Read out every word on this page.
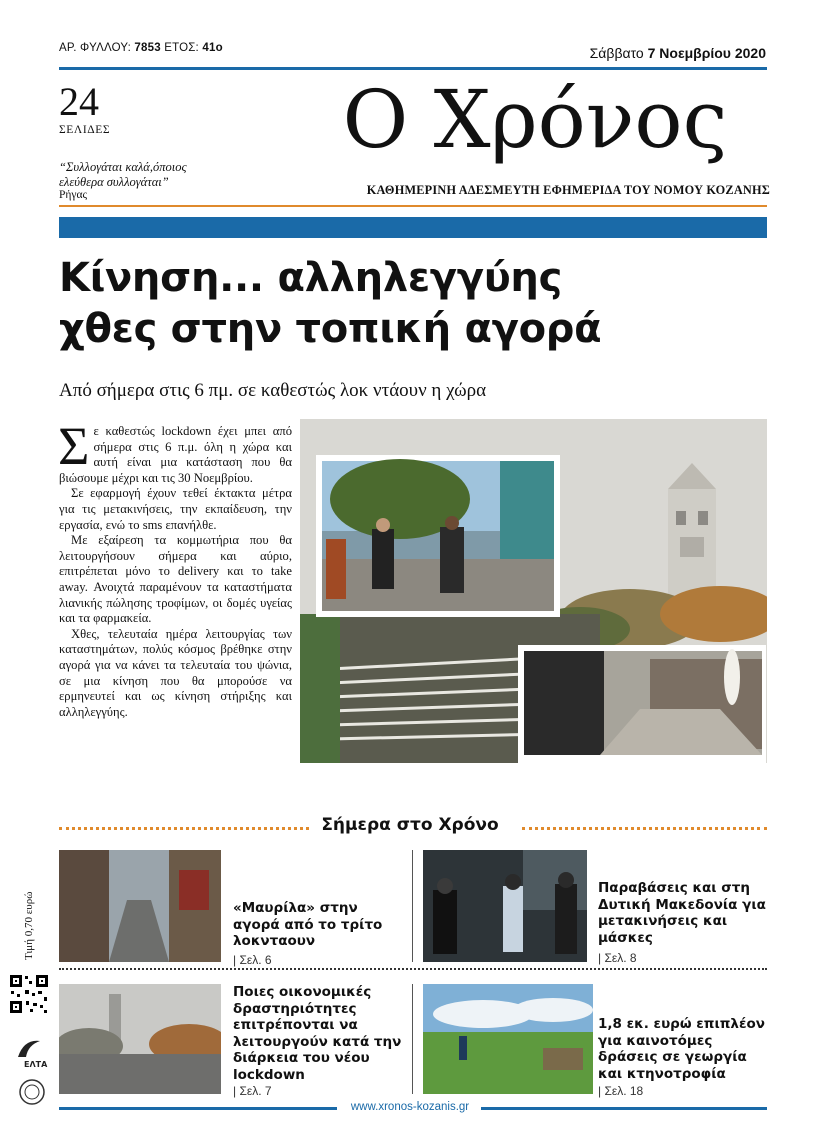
ΑΡ. ΦΥΛΛΟΥ: 7853 ΕΤΟΣ: 41ο	Σάββατο 7 Νοεμβρίου 2020
24
ΣΕΛΙΔΕΣ
“Συλλογάται καλά,όποιος
ελεύθερα συλλογάται”
Ρήγας
Ο Χρόνος
ΚΑΘΗΜΕΡΙΝΗ ΑΔΕΣΜΕΥΤΗ ΕΦΗΜΕΡΙΔΑ ΤΟΥ ΝΟΜΟΥ ΚΟΖΑΝΗΣ
Κίνηση... αλληλεγγύης
χθες στην τοπική αγορά
Από σήμερα στις 6 πμ. σε καθεστώς λοκ ντάουν η χώρα

Σε καθεστώς lockdown έχει μπει από σήμερα στις 6 π.μ. όλη η χώρα και αυτή είναι μια κατάσταση που θα βιώσουμε μέχρι και τις 30 Νοεμβρίου.

Σε εφαρμογή έχουν τεθεί έκτακτα μέτρα για τις μετακινήσεις, την εκπαίδευση, την εργασία, ενώ το sms επανήλθε.

Με εξαίρεση τα κομμωτήρια που θα λειτουργήσουν σήμερα και αύριο, επιτρέπεται μόνο το delivery και το take away. Ανοιχτά παραμένουν τα καταστήματα λιανικής πώλησης τροφίμων, οι δομές υγείας και τα φαρμακεία.

Χθες, τελευταία ημέρα λειτουργίας των καταστημάτων, πολύς κόσμος βρέθηκε στην αγορά για να κάνει τα τελευταία του ψώνια, σε μια κίνηση που θα μπορούσε να ερμηνευτεί και ως κίνηση στήριξης και αλληλεγγύης.

Σήμερα στο Χρόνο
Τιμή 0,70 ευρώ	«Μαυρίλα» στην αγορά από το τρίτο λοκνταουν
| Σελ. 6
Παραβάσεις και στη Δυτική Μακεδονία για μετακινήσεις και μάσκες
| Σελ. 8
Ποιες οικονομικές δραστηριότητες επιτρέπονται να λειτουργούν κατά την διάρκεια του νέου lockdown
| Σελ. 7
1,8 εκ. ευρώ επιπλέον για καινοτόμες δράσεις σε γεωργία και κτηνοτροφία
| Σελ. 18
ΕΛΤΑ
www.xronos-kozanis.gr
